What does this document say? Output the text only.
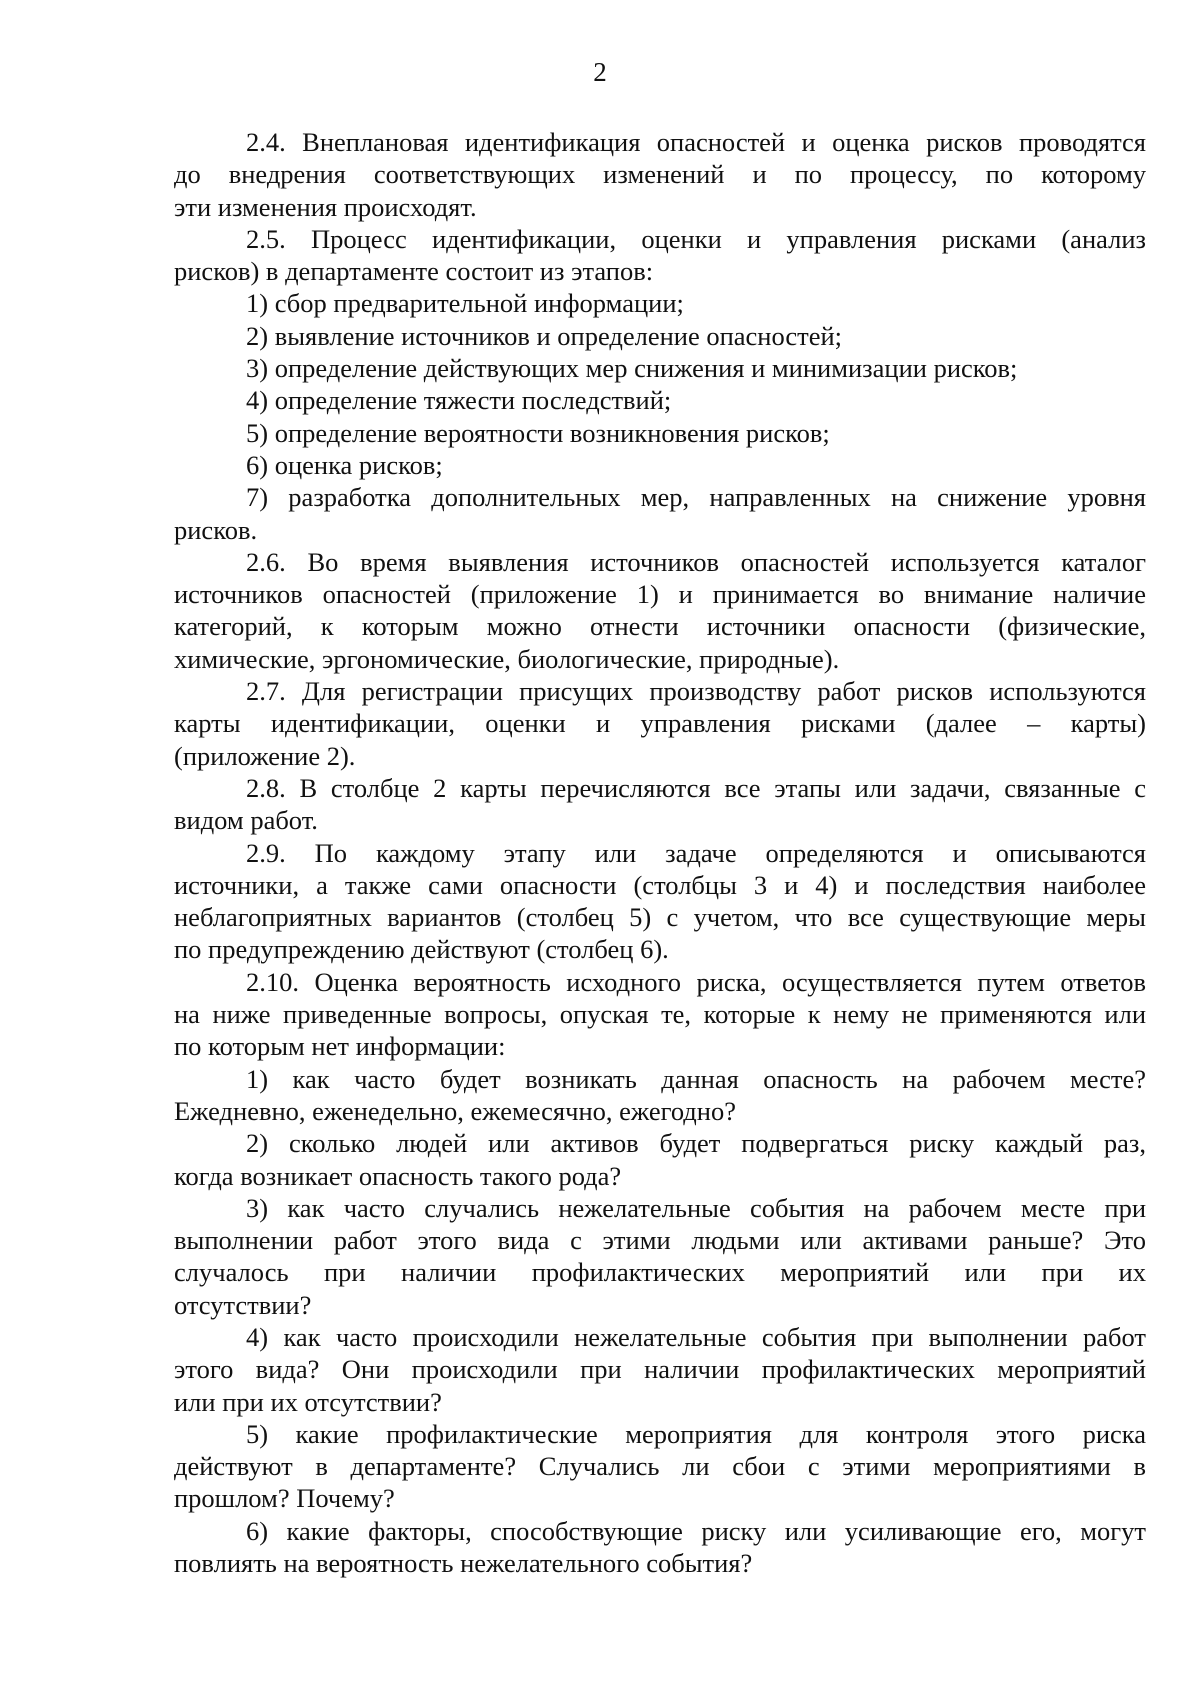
2
2.4. Внеплановая идентификация опасностей и оценка рисков проводятся
до внедрения соответствующих изменений и по процессу, по которому
эти изменения происходят.
2.5. Процесс идентификации, оценки и управления рисками (анализ
рисков) в департаменте состоит из этапов:
1) сбор предварительной информации;
2) выявление источников и определение опасностей;
3) определение действующих мер снижения и минимизации рисков;
4) определение тяжести последствий;
5) определение вероятности возникновения рисков;
6) оценка рисков;
7) разработка дополнительных мер, направленных на снижение уровня
рисков.
2.6. Во время выявления источников опасностей используется каталог
источников опасностей (приложение 1) и принимается во внимание наличие
категорий, к которым можно отнести источники опасности (физические,
химические, эргономические, биологические, природные).
2.7. Для регистрации присущих производству работ рисков используются
карты идентификации, оценки и управления рисками (далее – карты)
(приложение 2).
2.8. В столбце 2 карты перечисляются все этапы или задачи, связанные с
видом работ.
2.9. По каждому этапу или задаче определяются и описываются
источники, а также сами опасности (столбцы 3 и 4) и последствия наиболее
неблагоприятных вариантов (столбец 5) с учетом, что все существующие меры
по предупреждению действуют (столбец 6).
2.10. Оценка вероятность исходного риска, осуществляется путем ответов
на ниже приведенные вопросы, опуская те, которые к нему не применяются или
по которым нет информации:
1) как часто будет возникать данная опасность на рабочем месте?
Ежедневно, еженедельно, ежемесячно, ежегодно?
2) сколько людей или активов будет подвергаться риску каждый раз,
когда возникает опасность такого рода?
3) как часто случались нежелательные события на рабочем месте при
выполнении работ этого вида с этими людьми или активами раньше? Это
случалось при наличии профилактических мероприятий или при их
отсутствии?
4) как часто происходили нежелательные события при выполнении работ
этого вида? Они происходили при наличии профилактических мероприятий
или при их отсутствии?
5) какие профилактические мероприятия для контроля этого риска
действуют в департаменте? Случались ли сбои с этими мероприятиями в
прошлом? Почему?
6) какие факторы, способствующие риску или усиливающие его, могут
повлиять на вероятность нежелательного события?
